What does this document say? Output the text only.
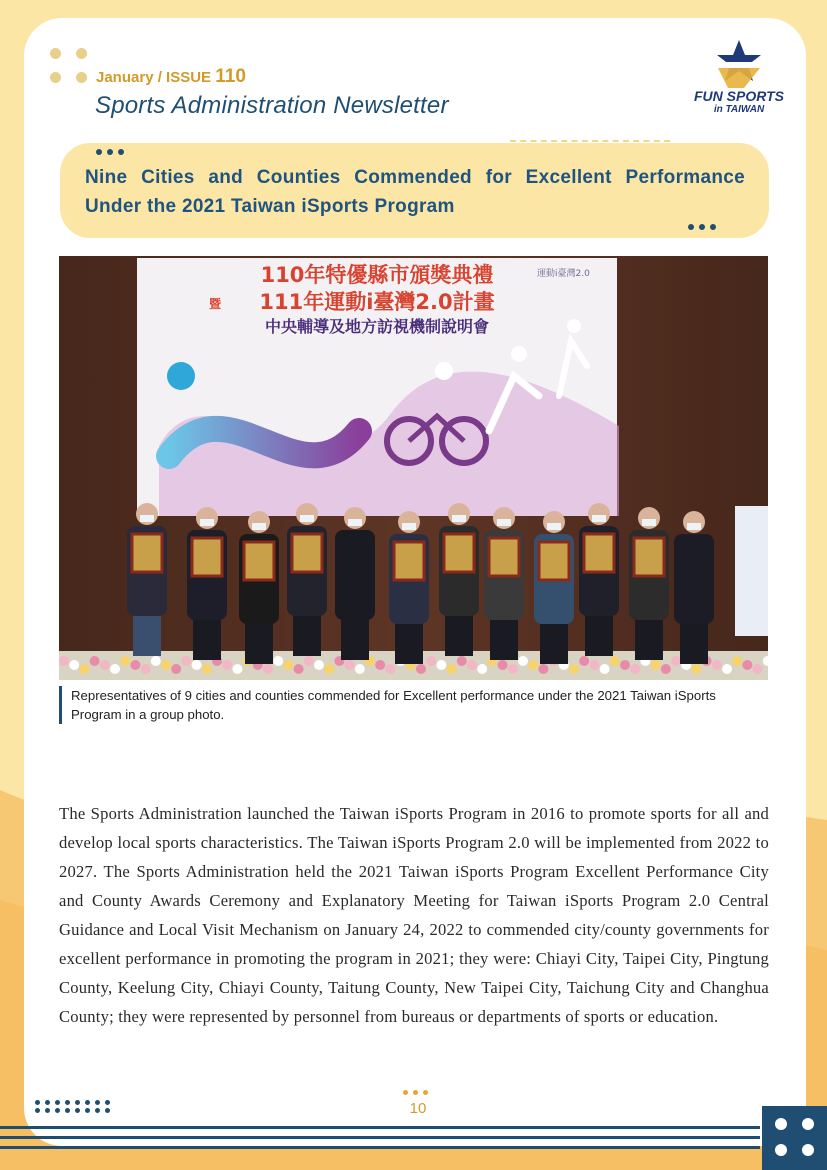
January / ISSUE 110
Sports Administration Newsletter	FUN SPORTS
in TAIWAN
Nine Cities and Counties Commended for Excellent Performance
Under the 2021 Taiwan iSports Program
110年特優縣市頒獎典禮
暨 111年運動i臺灣2.0計畫
中央輔導及地方訪視機制說明會
運動i臺灣2.0
Representatives of 9 cities and counties commended for Excellent performance under the 2021 Taiwan iSports Program in a group photo.
The Sports Administration launched the Taiwan iSports Program in 2016 to promote sports for all and develop local sports characteristics. The Taiwan iSports Program 2.0 will be implemented from 2022 to 2027. The Sports Administration held the 2021 Taiwan iSports Program Excellent Performance City and County Awards Ceremony and Explanatory Meeting for Taiwan iSports Program 2.0 Central Guidance and Local Visit Mechanism on January 24, 2022 to commended city/county governments for excellent performance in promoting the program in 2021; they were: Chiayi City, Taipei City, Pingtung County, Keelung City, Chiayi County, Taitung County, New Taipei City, Taichung City and Changhua County; they were represented by personnel from bureaus or departments of sports or education.
10
